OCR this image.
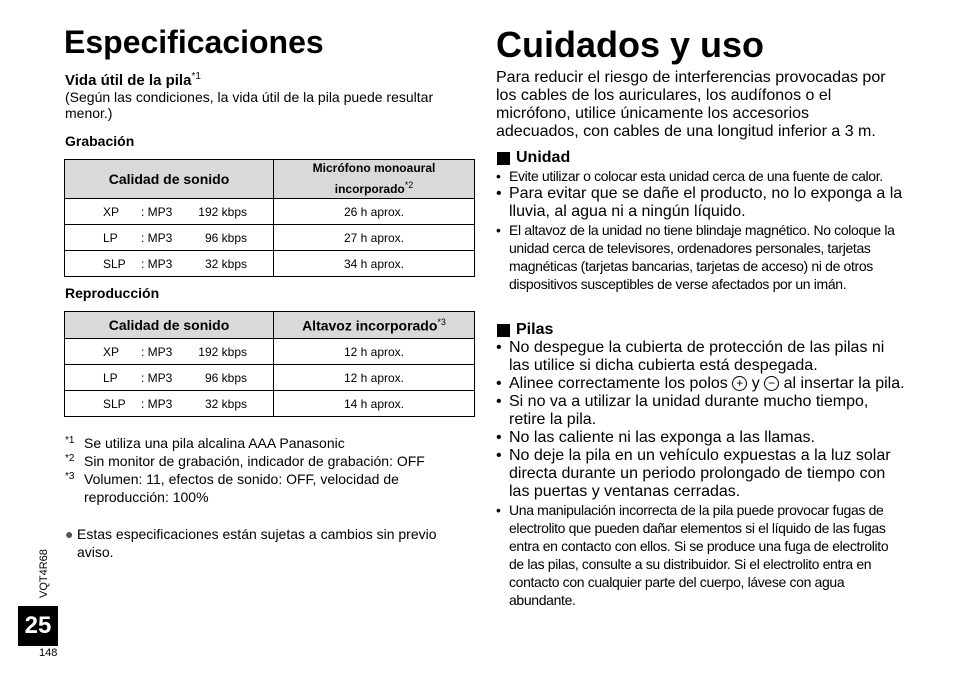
Especificaciones
Vida útil de la pila$^{*1}$
(Según las condiciones, la vida útil de la pila puede resultar menor.)
Grabación
Calidad de sonido	Micrófono monoaural incorporado$^{*2}$
XP : MP3 192 kbps	26 h aprox.
LP : MP3 96 kbps	27 h aprox.
SLP : MP3 32 kbps	34 h aprox.
Reproducción
Calidad de sonido	Altavoz incorporado$^{*3}$
XP : MP3 192 kbps	12 h aprox.
LP : MP3 96 kbps	12 h aprox.
SLP : MP3 32 kbps	14 h aprox.
*1 Se utiliza una pila alcalina AAA Panasonic
*2 Sin monitor de grabación, indicador de grabación: OFF
*3 Volumen: 11, efectos de sonido: OFF, velocidad de reproducción: 100%
● Estas especificaciones están sujetas a cambios sin previo aviso.
VQT4R68
25
148
Cuidados y uso
Para reducir el riesgo de interferencias provocadas por los cables de los auriculares, los audífonos o el micrófono, utilice únicamente los accesorios adecuados, con cables de una longitud inferior a 3 m.
Unidad
• Evite utilizar o colocar esta unidad cerca de una fuente de calor.
• Para evitar que se dañe el producto, no lo exponga a la lluvia, al agua ni a ningún líquido.
• El altavoz de la unidad no tiene blindaje magnético. No coloque la unidad cerca de televisores, ordenadores personales, tarjetas magnéticas (tarjetas bancarias, tarjetas de acceso) ni de otros dispositivos susceptibles de verse afectados por un imán.
Pilas
• No despegue la cubierta de protección de las pilas ni las utilice si dicha cubierta está despegada.
• Alinee correctamente los polos + y − al insertar la pila.
• Si no va a utilizar la unidad durante mucho tiempo, retire la pila.
• No las caliente ni las exponga a las llamas.
• No deje la pila en un vehículo expuestas a la luz solar directa durante un periodo prolongado de tiempo con las puertas y ventanas cerradas.
• Una manipulación incorrecta de la pila puede provocar fugas de electrolito que pueden dañar elementos si el líquido de las fugas entra en contacto con ellos. Si se produce una fuga de electrolito de las pilas, consulte a su distribuidor. Si el electrolito entra en contacto con cualquier parte del cuerpo, lávese con agua abundante.
